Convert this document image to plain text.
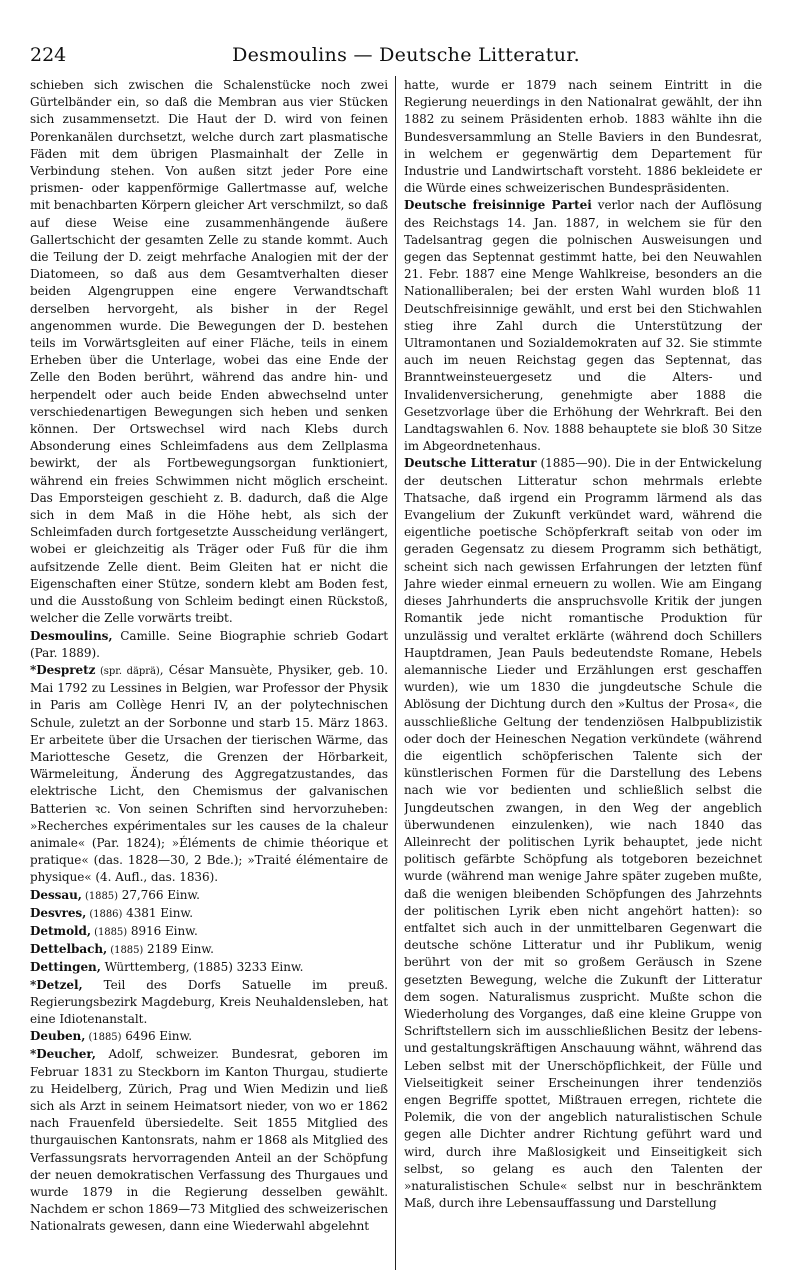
224	Desmoulins — Deutsche Litteratur.

schieben sich zwischen die Schalenstücke noch zwei Gürtelbänder ein, so daß die Membran aus vier Stücken sich zusammensetzt. Die Haut der D. wird von feinen Porenkanälen durchsetzt, welche durch zart plasmatische Fäden mit dem übrigen Plasmainhalt der Zelle in Verbindung stehen. Von außen sitzt jeder Pore eine prismen- oder kappenförmige Gallertmasse auf, welche mit benachbarten Körpern gleicher Art verschmilzt, so daß auf diese Weise eine zusammenhängende äußere Gallertschicht der gesamten Zelle zu stande kommt. Auch die Teilung der D. zeigt mehrfache Analogien mit der der Diatomeen, so daß aus dem Gesamtverhalten dieser beiden Algengruppen eine engere Verwandtschaft derselben hervorgeht, als bisher in der Regel angenommen wurde. Die Bewegungen der D. bestehen teils im Vorwärtsgleiten auf einer Fläche, teils in einem Erheben über die Unterlage, wobei das eine Ende der Zelle den Boden berührt, während das andre hin- und herpendelt oder auch beide Enden abwechselnd unter verschiedenartigen Bewegungen sich heben und senken können. Der Ortswechsel wird nach Klebs durch Absonderung eines Schleimfadens aus dem Zellplasma bewirkt, der als Fortbewegungsorgan funktioniert, während ein freies Schwimmen nicht möglich erscheint. Das Emporsteigen geschieht z. B. dadurch, daß die Alge sich in dem Maß in die Höhe hebt, als sich der Schleimfaden durch fortgesetzte Ausscheidung verlängert, wobei er gleichzeitig als Träger oder Fuß für die ihm aufsitzende Zelle dient. Beim Gleiten hat er nicht die Eigenschaften einer Stütze, sondern klebt am Boden fest, und die Ausstoßung von Schleim bedingt einen Rückstoß, welcher die Zelle vorwärts treibt.

Desmoulins, Camille. Seine Biographie schrieb Godart (Par. 1889).

*Despretz (spr. däprä), César Mansuète, Physiker, geb. 10. Mai 1792 zu Lessines in Belgien, war Professor der Physik in Paris am Collège Henri IV, an der polytechnischen Schule, zuletzt an der Sorbonne und starb 15. März 1863. Er arbeitete über die Ursachen der tierischen Wärme, das Mariottesche Gesetz, die Grenzen der Hörbarkeit, Wärmeleitung, Änderung des Aggregatzustandes, das elektrische Licht, den Chemismus der galvanischen Batterien ꝛc. Von seinen Schriften sind hervorzuheben: »Recherches expérimentales sur les causes de la chaleur animale« (Par. 1824); »Éléments de chimie théorique et pratique« (das. 1828—30, 2 Bde.); »Traité élémentaire de physique« (4. Aufl., das. 1836).

Dessau, (1885) 27,766 Einw.

Desvres, (1886) 4381 Einw.

Detmold, (1885) 8916 Einw.

Dettelbach, (1885) 2189 Einw.

Dettingen, Württemberg, (1885) 3233 Einw.

*Detzel, Teil des Dorfs Satuelle im preuß. Regierungsbezirk Magdeburg, Kreis Neuhaldensleben, hat eine Idiotenanstalt.

Deuben, (1885) 6496 Einw.

*Deucher, Adolf, schweizer. Bundesrat, geboren im Februar 1831 zu Steckborn im Kanton Thurgau, studierte zu Heidelberg, Zürich, Prag und Wien Medizin und ließ sich als Arzt in seinem Heimatsort nieder, von wo er 1862 nach Frauenfeld übersiedelte. Seit 1855 Mitglied des thurgauischen Kantonsrats, nahm er 1868 als Mitglied des Verfassungsrats hervorragenden Anteil an der Schöpfung der neuen demokratischen Verfassung des Thurgaues und wurde 1879 in die Regierung desselben gewählt. Nachdem er schon 1869—73 Mitglied des schweizerischen Nationalrats gewesen, dann eine Wiederwahl abgelehnt

hatte, wurde er 1879 nach seinem Eintritt in die Regierung neuerdings in den Nationalrat gewählt, der ihn 1882 zu seinem Präsidenten erhob. 1883 wählte ihn die Bundesversammlung an Stelle Baviers in den Bundesrat, in welchem er gegenwärtig dem Departement für Industrie und Landwirtschaft vorsteht. 1886 bekleidete er die Würde eines schweizerischen Bundespräsidenten.

Deutsche freisinnige Partei verlor nach der Auflösung des Reichstags 14. Jan. 1887, in welchem sie für den Tadelsantrag gegen die polnischen Ausweisungen und gegen das Septennat gestimmt hatte, bei den Neuwahlen 21. Febr. 1887 eine Menge Wahlkreise, besonders an die Nationalliberalen; bei der ersten Wahl wurden bloß 11 Deutschfreisinnige gewählt, und erst bei den Stichwahlen stieg ihre Zahl durch die Unterstützung der Ultramontanen und Sozialdemokraten auf 32. Sie stimmte auch im neuen Reichstag gegen das Septennat, das Branntweinsteuergesetz und die Alters- und Invalidenversicherung, genehmigte aber 1888 die Gesetzvorlage über die Erhöhung der Wehrkraft. Bei den Landtagswahlen 6. Nov. 1888 behauptete sie bloß 30 Sitze im Abgeordnetenhaus.

Deutsche Litteratur (1885—90). Die in der Entwickelung der deutschen Litteratur schon mehrmals erlebte Thatsache, daß irgend ein Programm lärmend als das Evangelium der Zukunft verkündet ward, während die eigentliche poetische Schöpferkraft seitab von oder im geraden Gegensatz zu diesem Programm sich bethätigt, scheint sich nach gewissen Erfahrungen der letzten fünf Jahre wieder einmal erneuern zu wollen. Wie am Eingang dieses Jahrhunderts die anspruchsvolle Kritik der jungen Romantik jede nicht romantische Produktion für unzulässig und veraltet erklärte (während doch Schillers Hauptdramen, Jean Pauls bedeutendste Romane, Hebels alemannische Lieder und Erzählungen erst geschaffen wurden), wie um 1830 die jungdeutsche Schule die Ablösung der Dichtung durch den »Kultus der Prosa«, die ausschließliche Geltung der tendenziösen Halbpublizistik oder doch der Heineschen Negation verkündete (während die eigentlich schöpferischen Talente sich der künstlerischen Formen für die Darstellung des Lebens nach wie vor bedienten und schließlich selbst die Jungdeutschen zwangen, in den Weg der angeblich überwundenen einzulenken), wie nach 1840 das Alleinrecht der politischen Lyrik behauptet, jede nicht politisch gefärbte Schöpfung als totgeboren bezeichnet wurde (während man wenige Jahre später zugeben mußte, daß die wenigen bleibenden Schöpfungen des Jahrzehnts der politischen Lyrik eben nicht angehört hatten): so entfaltet sich auch in der unmittelbaren Gegenwart die deutsche schöne Litteratur und ihr Publikum, wenig berührt von der mit so großem Geräusch in Szene gesetzten Bewegung, welche die Zukunft der Litteratur dem sogen. Naturalismus zuspricht. Mußte schon die Wiederholung des Vorganges, daß eine kleine Gruppe von Schriftstellern sich im ausschließlichen Besitz der lebens- und gestaltungskräftigen Anschauung wähnt, während das Leben selbst mit der Unerschöpflichkeit, der Fülle und Vielseitigkeit seiner Erscheinungen ihrer tendenziös engen Begriffe spottet, Mißtrauen erregen, richtete die Polemik, die von der angeblich naturalistischen Schule gegen alle Dichter andrer Richtung geführt ward und wird, durch ihre Maßlosigkeit und Einseitigkeit sich selbst, so gelang es auch den Talenten der »naturalistischen Schule« selbst nur in beschränktem Maß, durch ihre Lebensauffassung und Darstellung
